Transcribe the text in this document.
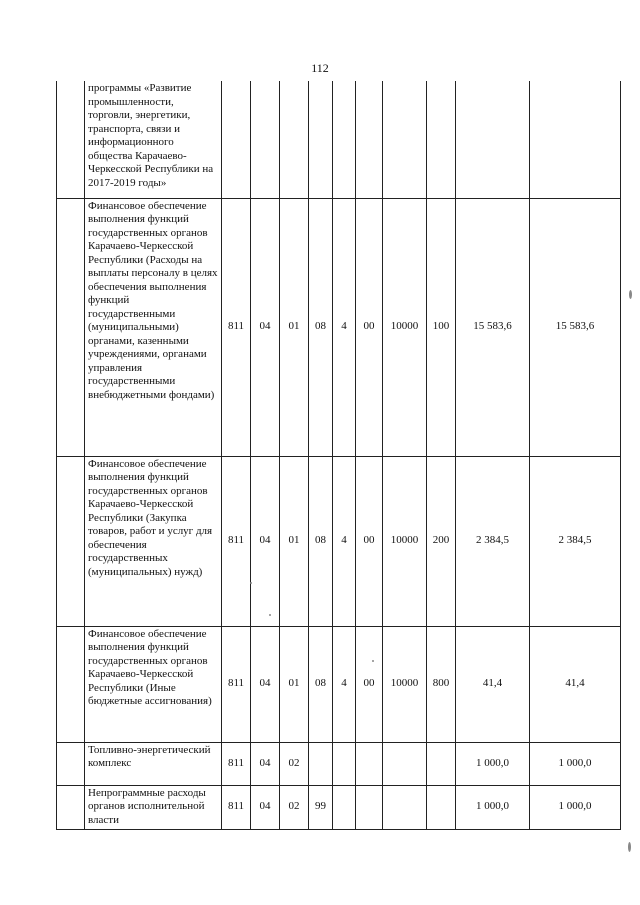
112
	программы «Развитие промышленности, торговли, энергетики, транспорта, связи и информационного общества Карачаево-Черкесской Республики на 2017-2019 годы»										
	Финансовое обеспечение выполнения функций государственных органов Карачаево-Черкесской Республики (Расходы на выплаты персоналу в целях обеспечения выполнения функций государственными (муниципальными) органами, казенными учреждениями, органами управления государственными внебюджетными фондами)	811	04	01	08	4	00	10000	100	15 583,6	15 583,6
	Финансовое обеспечение выполнения функций государственных органов Карачаево-Черкесской Республики (Закупка товаров, работ и услуг для обеспечения государственных (муниципальных) нужд)	811	04	01	08	4	00	10000	200	2 384,5	2 384,5
	Финансовое обеспечение выполнения функций государственных органов Карачаево-Черкесской Республики (Иные бюджетные ассигнования)	811	04	01	08	4	00	10000	800	41,4	41,4
	Топливно-энергетический комплекс	811	04	02						1 000,0	1 000,0
	Непрограммные расходы органов исполнительной власти	811	04	02	99					1 000,0	1 000,0
